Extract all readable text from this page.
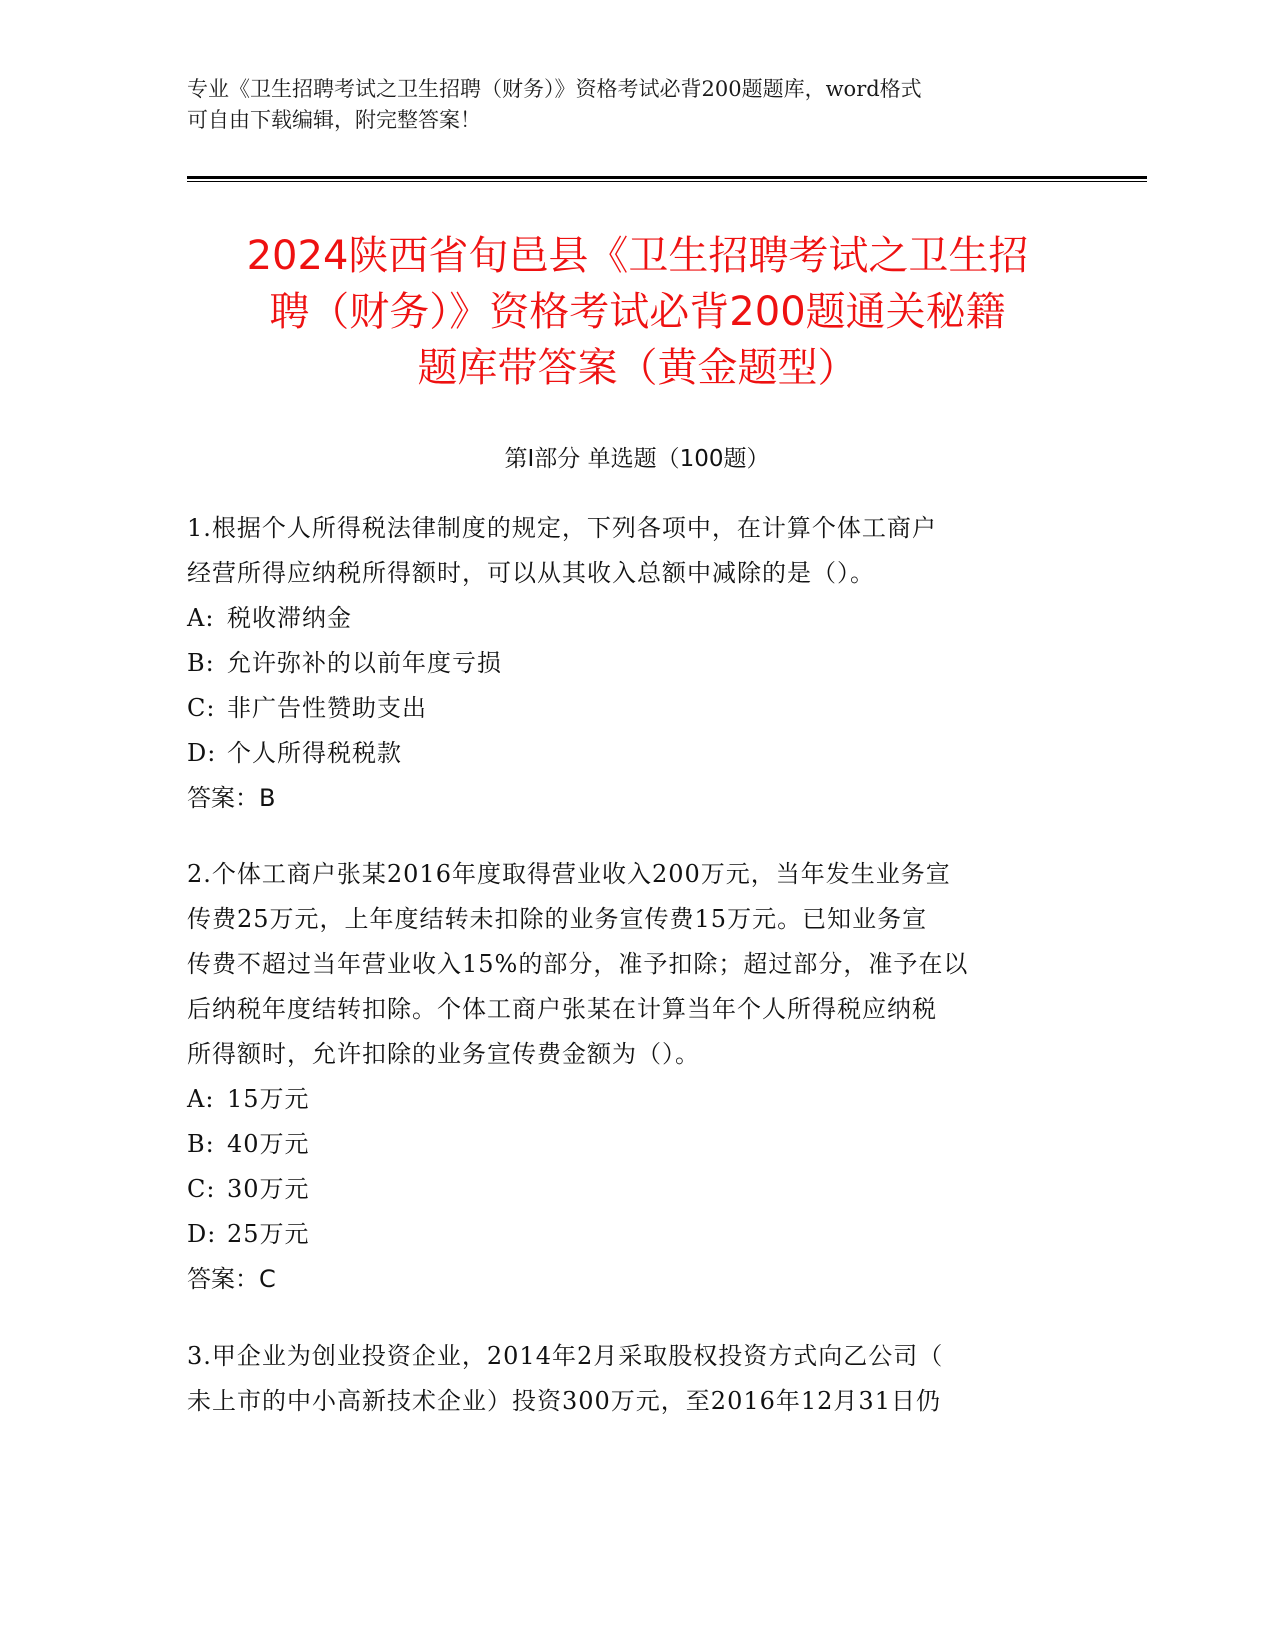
专业《卫生招聘考试之卫生招聘（财务）》资格考试必背200题题库，word格式
可自由下载编辑，附完整答案！
2024陕西省旬邑县《卫生招聘考试之卫生招
聘（财务）》资格考试必背200题通关秘籍
题库带答案（黄金题型）
第Ⅰ部分 单选题（100题）
1.根据个人所得税法律制度的规定，下列各项中，在计算个体工商户
经营所得应纳税所得额时，可以从其收入总额中减除的是（）。
A: 税收滞纳金
B: 允许弥补的以前年度亏损
C: 非广告性赞助支出
D: 个人所得税税款
答案：B
2.个体工商户张某2016年度取得营业收入200万元，当年发生业务宣
传费25万元，上年度结转未扣除的业务宣传费15万元。已知业务宣
传费不超过当年营业收入15%的部分，准予扣除；超过部分，准予在以
后纳税年度结转扣除。个体工商户张某在计算当年个人所得税应纳税
所得额时，允许扣除的业务宣传费金额为（）。
A: 15万元
B: 40万元
C: 30万元
D: 25万元
答案：C
3.甲企业为创业投资企业，2014年2月采取股权投资方式向乙公司（
未上市的中小高新技术企业）投资300万元，至2016年12月31日仍
